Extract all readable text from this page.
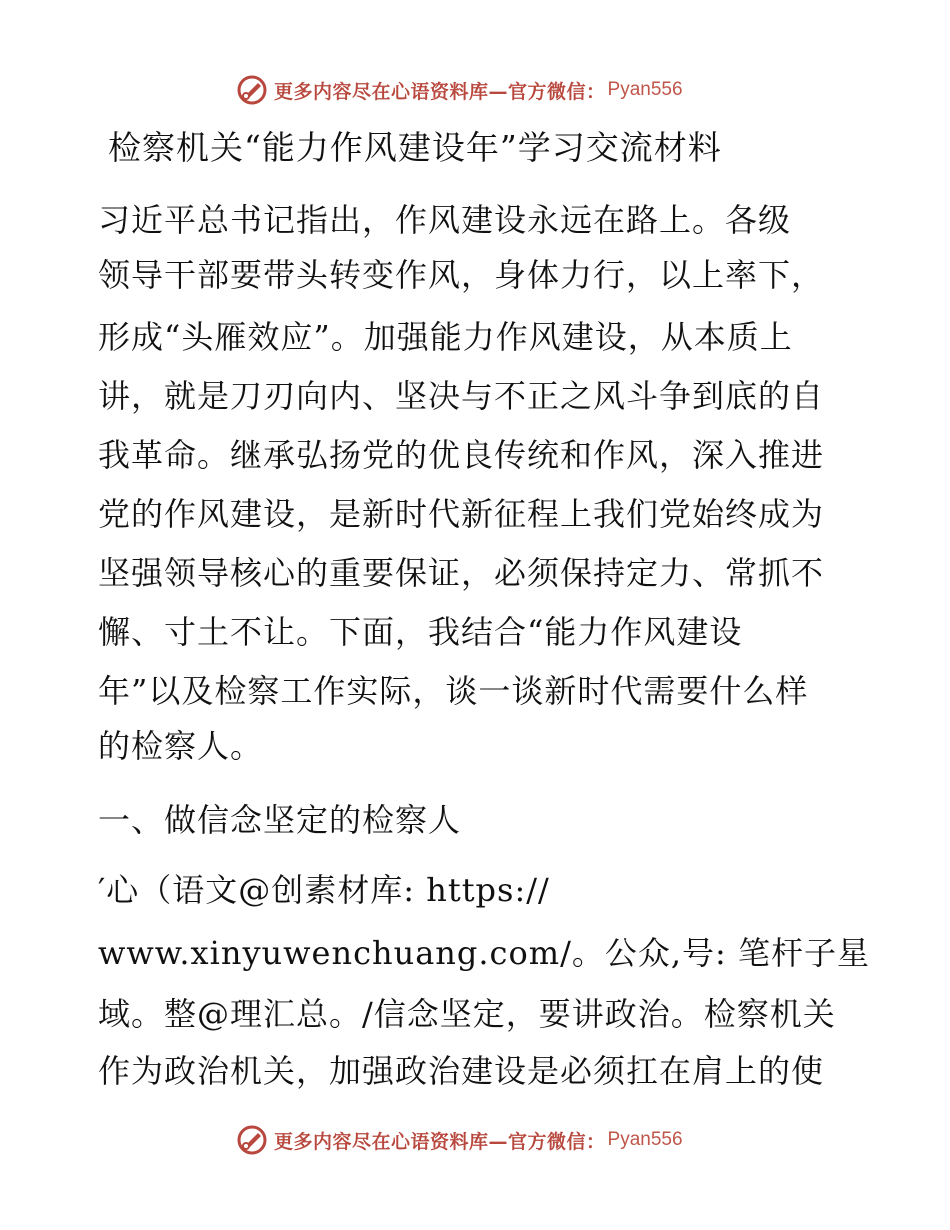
更多内容尽在心语资料库—官方微信： Pyan556
检察机关“能力作风建设年”学习交流材料
习近平总书记指出，作风建设永远在路上。各级
领导干部要带头转变作风，身体力行，以上率下，
形成“头雁效应”。加强能力作风建设，从本质上
讲，就是刀刃向内、坚决与不正之风斗争到底的自
我革命。继承弘扬党的优良传统和作风，深入推进
党的作风建设，是新时代新征程上我们党始终成为
坚强领导核心的重要保证，必须保持定力、常抓不
懈、寸土不让。下面，我结合“能力作风建设
年”以及检察工作实际，谈一谈新时代需要什么样
的检察人。
一、做信念坚定的检察人
′心（语文@创素材库: https://
www.xinyuwenchuang.com/。公众,号: 笔杆子星
域。整@理汇总。/信念坚定，要讲政治。检察机关
作为政治机关，加强政治建设是必须扛在肩上的使
更多内容尽在心语资料库—官方微信： Pyan556
